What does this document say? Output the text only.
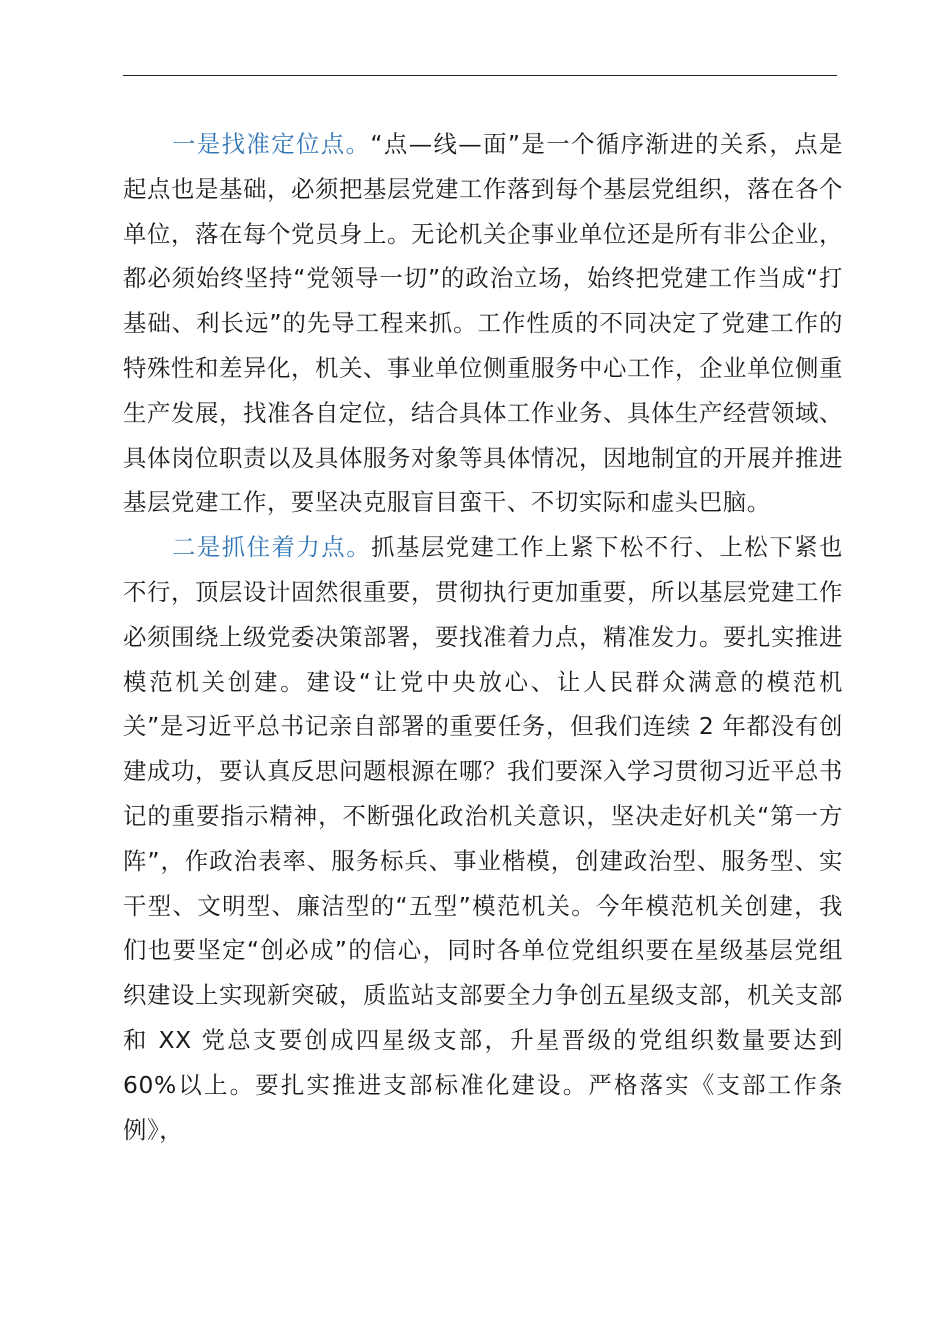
一是找准定位点。“点—线—面”是一个循序渐进的关系，点是起点也是基础，必须把基层党建工作落到每个基层党组织，落在各个单位，落在每个党员身上。无论机关企事业单位还是所有非公企业，都必须始终坚持“党领导一切”的政治立场，始终把党建工作当成“打基础、利长远”的先导工程来抓。工作性质的不同决定了党建工作的特殊性和差异化，机关、事业单位侧重服务中心工作，企业单位侧重生产发展，找准各自定位，结合具体工作业务、具体生产经营领域、具体岗位职责以及具体服务对象等具体情况，因地制宜的开展并推进基层党建工作，要坚决克服盲目蛮干、不切实际和虚头巴脑。

二是抓住着力点。抓基层党建工作上紧下松不行、上松下紧也不行，顶层设计固然很重要，贯彻执行更加重要，所以基层党建工作必须围绕上级党委决策部署，要找准着力点，精准发力。要扎实推进模范机关创建。建设“让党中央放心、让人民群众满意的模范机关”是习近平总书记亲自部署的重要任务，但我们连续 2 年都没有创建成功，要认真反思问题根源在哪？我们要深入学习贯彻习近平总书记的重要指示精神，不断强化政治机关意识，坚决走好机关“第一方阵”，作政治表率、服务标兵、事业楷模，创建政治型、服务型、实干型、文明型、廉洁型的“五型”模范机关。今年模范机关创建，我们也要坚定“创必成”的信心，同时各单位党组织要在星级基层党组织建设上实现新突破，质监站支部要全力争创五星级支部，机关支部和 XX 党总支要创成四星级支部，升星晋级的党组织数量要达到 60%以上。要扎实推进支部标准化建设。严格落实《支部工作条例》，
